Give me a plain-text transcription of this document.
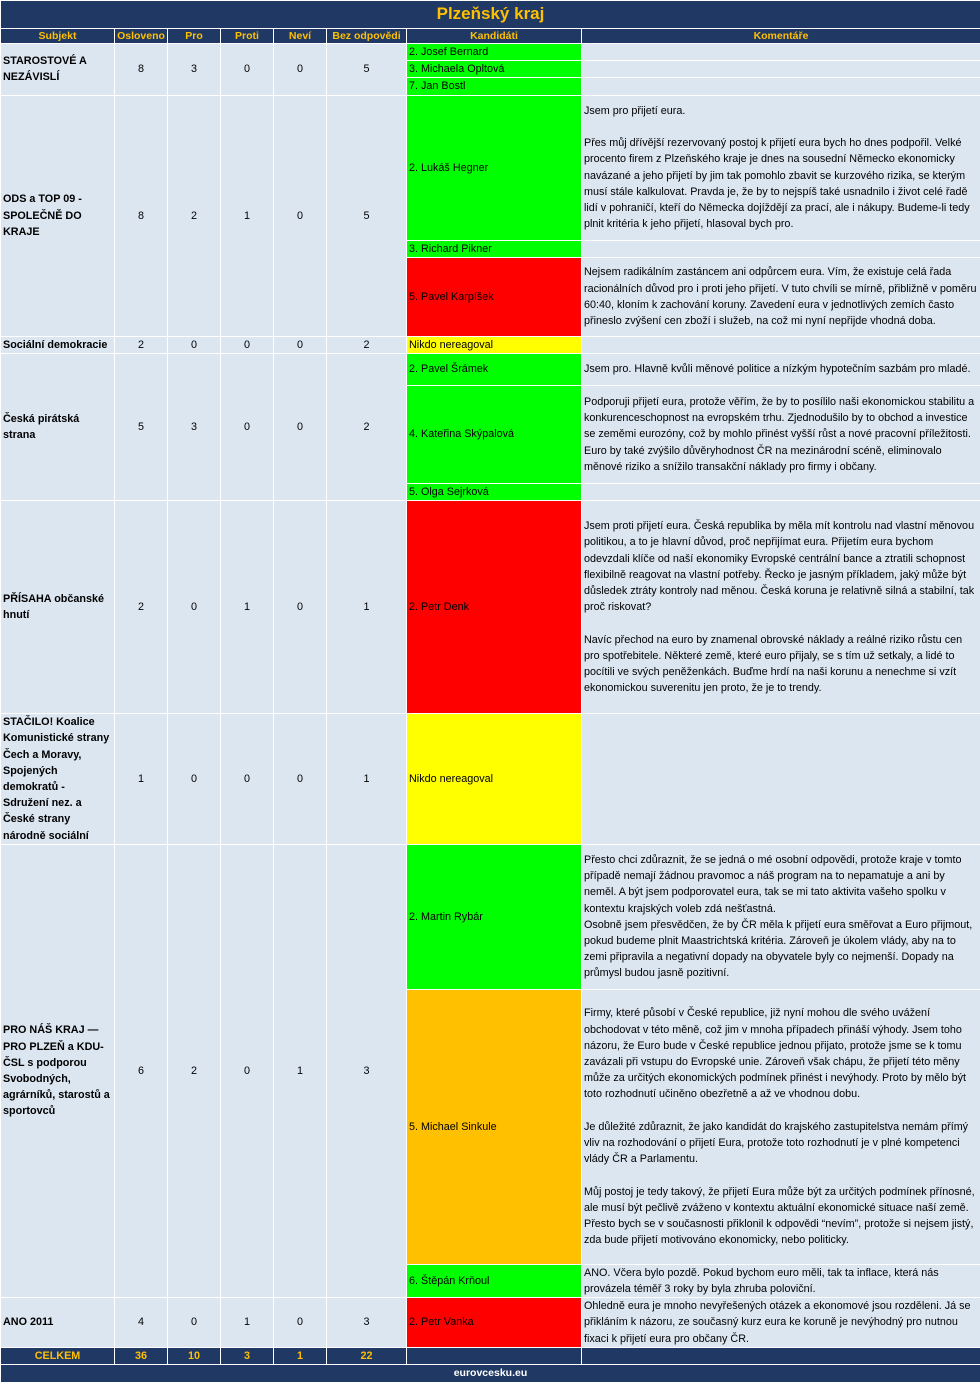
Plzeňský kraj							
Subjekt	Osloveno	Pro	Proti	Neví	Bez odpovědi	Kandidáti	Komentáře
STAROSTOVÉ A NEZÁVISLÍ	8	3	0	0	5	2. Josef Bernard	
						3. Michaela Opltová	
						7. Jan Bostl	
ODS a TOP 09 - SPOLEČNĚ DO KRAJE	8	2	1	0	5	2. Lukáš Hegner	Jsem pro přijetí eura.

Přes můj dřívější rezervovaný postoj k přijetí eura bych ho dnes podpořil. Velké procento firem z Plzeňského kraje je dnes na sousední Německo ekonomicky navázané a jeho přijetí by jim tak pomohlo zbavit se kurzového rizika, se kterým musí stále kalkulovat. Pravda je, že by to nejspíš také usnadnilo i život celé řadě lidí v pohraničí, kteří do Německa dojíždějí za prací, ale i nákupy. Budeme-li tedy plnit kritéria k jeho přijetí, hlasoval bych pro.
						3. Richard Pikner	
						5. Pavel Karpíšek	Nejsem radikálním zastáncem ani odpůrcem eura. Vím, že existuje celá řada racionálních důvod pro i proti jeho přijetí. V tuto chvíli se mírně, přibližně v poměru 60:40, kloním k zachování koruny. Zavedení eura v jednotlivých zemích často přineslo zvýšení cen zboží i služeb, na což mi nyní nepřijde vhodná doba.
Sociální demokracie	2	0	0	0	2	Nikdo nereagoval	
Česká pirátská strana	5	3	0	0	2	2. Pavel Šrámek	Jsem pro. Hlavně kvůli měnové politice a nízkým hypotečním sazbám pro mladé.
						4. Kateřina Skýpalová	Podporuji přijetí eura, protože věřím, že by to posílilo naši ekonomickou stabilitu a konkurenceschopnost na evropském trhu. Zjednodušilo by to obchod a investice se zeměmi eurozóny, což by mohlo přinést vyšší růst a nové pracovní příležitosti. Euro by také zvýšilo důvěryhodnost ČR na mezinárodní scéně, eliminovalo měnové riziko a snížilo transakční náklady pro firmy i občany.
						5. Olga Sejrková	
PŘÍSAHA občanské hnutí	2	0	1	0	1	2. Petr Denk	Jsem proti přijetí eura. Česká republika by měla mít kontrolu nad vlastní měnovou politikou, a to je hlavní důvod, proč nepřijímat eura. Přijetím eura bychom odevzdali klíče od naší ekonomiky Evropské centrální bance a ztratili schopnost flexibilně reagovat na vlastní potřeby. Řecko je jasným příkladem, jaký může být důsledek ztráty kontroly nad měnou. Česká koruna je relativně silná a stabilní, tak proč riskovat?

Navíc přechod na euro by znamenal obrovské náklady a reálné riziko růstu cen pro spotřebitele. Některé země, které euro přijaly, se s tím už setkaly, a lidé to pocítili ve svých peněženkách. Buďme hrdí na naši korunu a nenechme si vzít ekonomickou suverenitu jen proto, že je to trendy.
STAČILO! Koalice Komunistické strany Čech a Moravy, Spojených demokratů - Sdružení nez. a České strany národně sociální	1	0	0	0	1	Nikdo nereagoval	
PRO NÁŠ KRAJ — PRO PLZEŇ a KDU-ČSL s podporou Svobodných, agrárníků, starostů a sportovců	6	2	0	1	3	2. Martin Rybár	Přesto chci zdůraznit, že se jedná o mé osobní odpovědi, protože kraje v tomto případě nemají žádnou pravomoc a náš program na to nepamatuje a ani by neměl. A být jsem podporovatel eura, tak se mi tato aktivita vašeho spolku v kontextu krajských voleb zdá nešťastná.
Osobně jsem přesvědčen, že by ČR měla k přijetí eura směřovat a Euro přijmout, pokud budeme plnit Maastrichtská kritéria. Zároveň je úkolem vlády, aby na to zemi připravila a negativní dopady na obyvatele byly co nejmenší. Dopady na průmysl budou jasně pozitivní.
						5. Michael Sinkule	Firmy, které působí v České republice, již nyní mohou dle svého uvážení obchodovat v této měně, což jim v mnoha případech přináší výhody. Jsem toho názoru, že Euro bude v České republice jednou přijato, protože jsme se k tomu zavázali při vstupu do Evropské unie. Zároveň však chápu, že přijetí této měny může za určitých ekonomických podmínek přinést i nevýhody. Proto by mělo být toto rozhodnutí učiněno obezřetně a až ve vhodnou dobu.

Je důležité zdůraznit, že jako kandidát do krajského zastupitelstva nemám přímý vliv na rozhodování o přijetí Eura, protože toto rozhodnutí je v plné kompetenci vlády ČR a Parlamentu.

Můj postoj je tedy takový, že přijetí Eura může být za určitých podmínek přínosné, ale musí být pečlivě zváženo v kontextu aktuální ekonomické situace naší země. Přesto bych se v současnosti přiklonil k odpovědi “nevím”, protože si nejsem jistý, zda bude přijetí motivováno ekonomicky, nebo politicky.
						6. Štěpán Krňoul	ANO. Včera bylo pozdě. Pokud bychom euro měli, tak ta inflace, která nás provázela téměř 3 roky by byla zhruba poloviční.
ANO 2011	4	0	1	0	3	2. Petr Vanka	Ohledně eura je mnoho nevyřešených otázek a ekonomové jsou rozděleni. Já se přikláním k názoru, ze současný kurz eura ke koruně je nevýhodný pro nutnou fixaci k přijetí eura pro občany ČR.
CELKEM	36	10	3	1	22		
eurovcesku.eu							
